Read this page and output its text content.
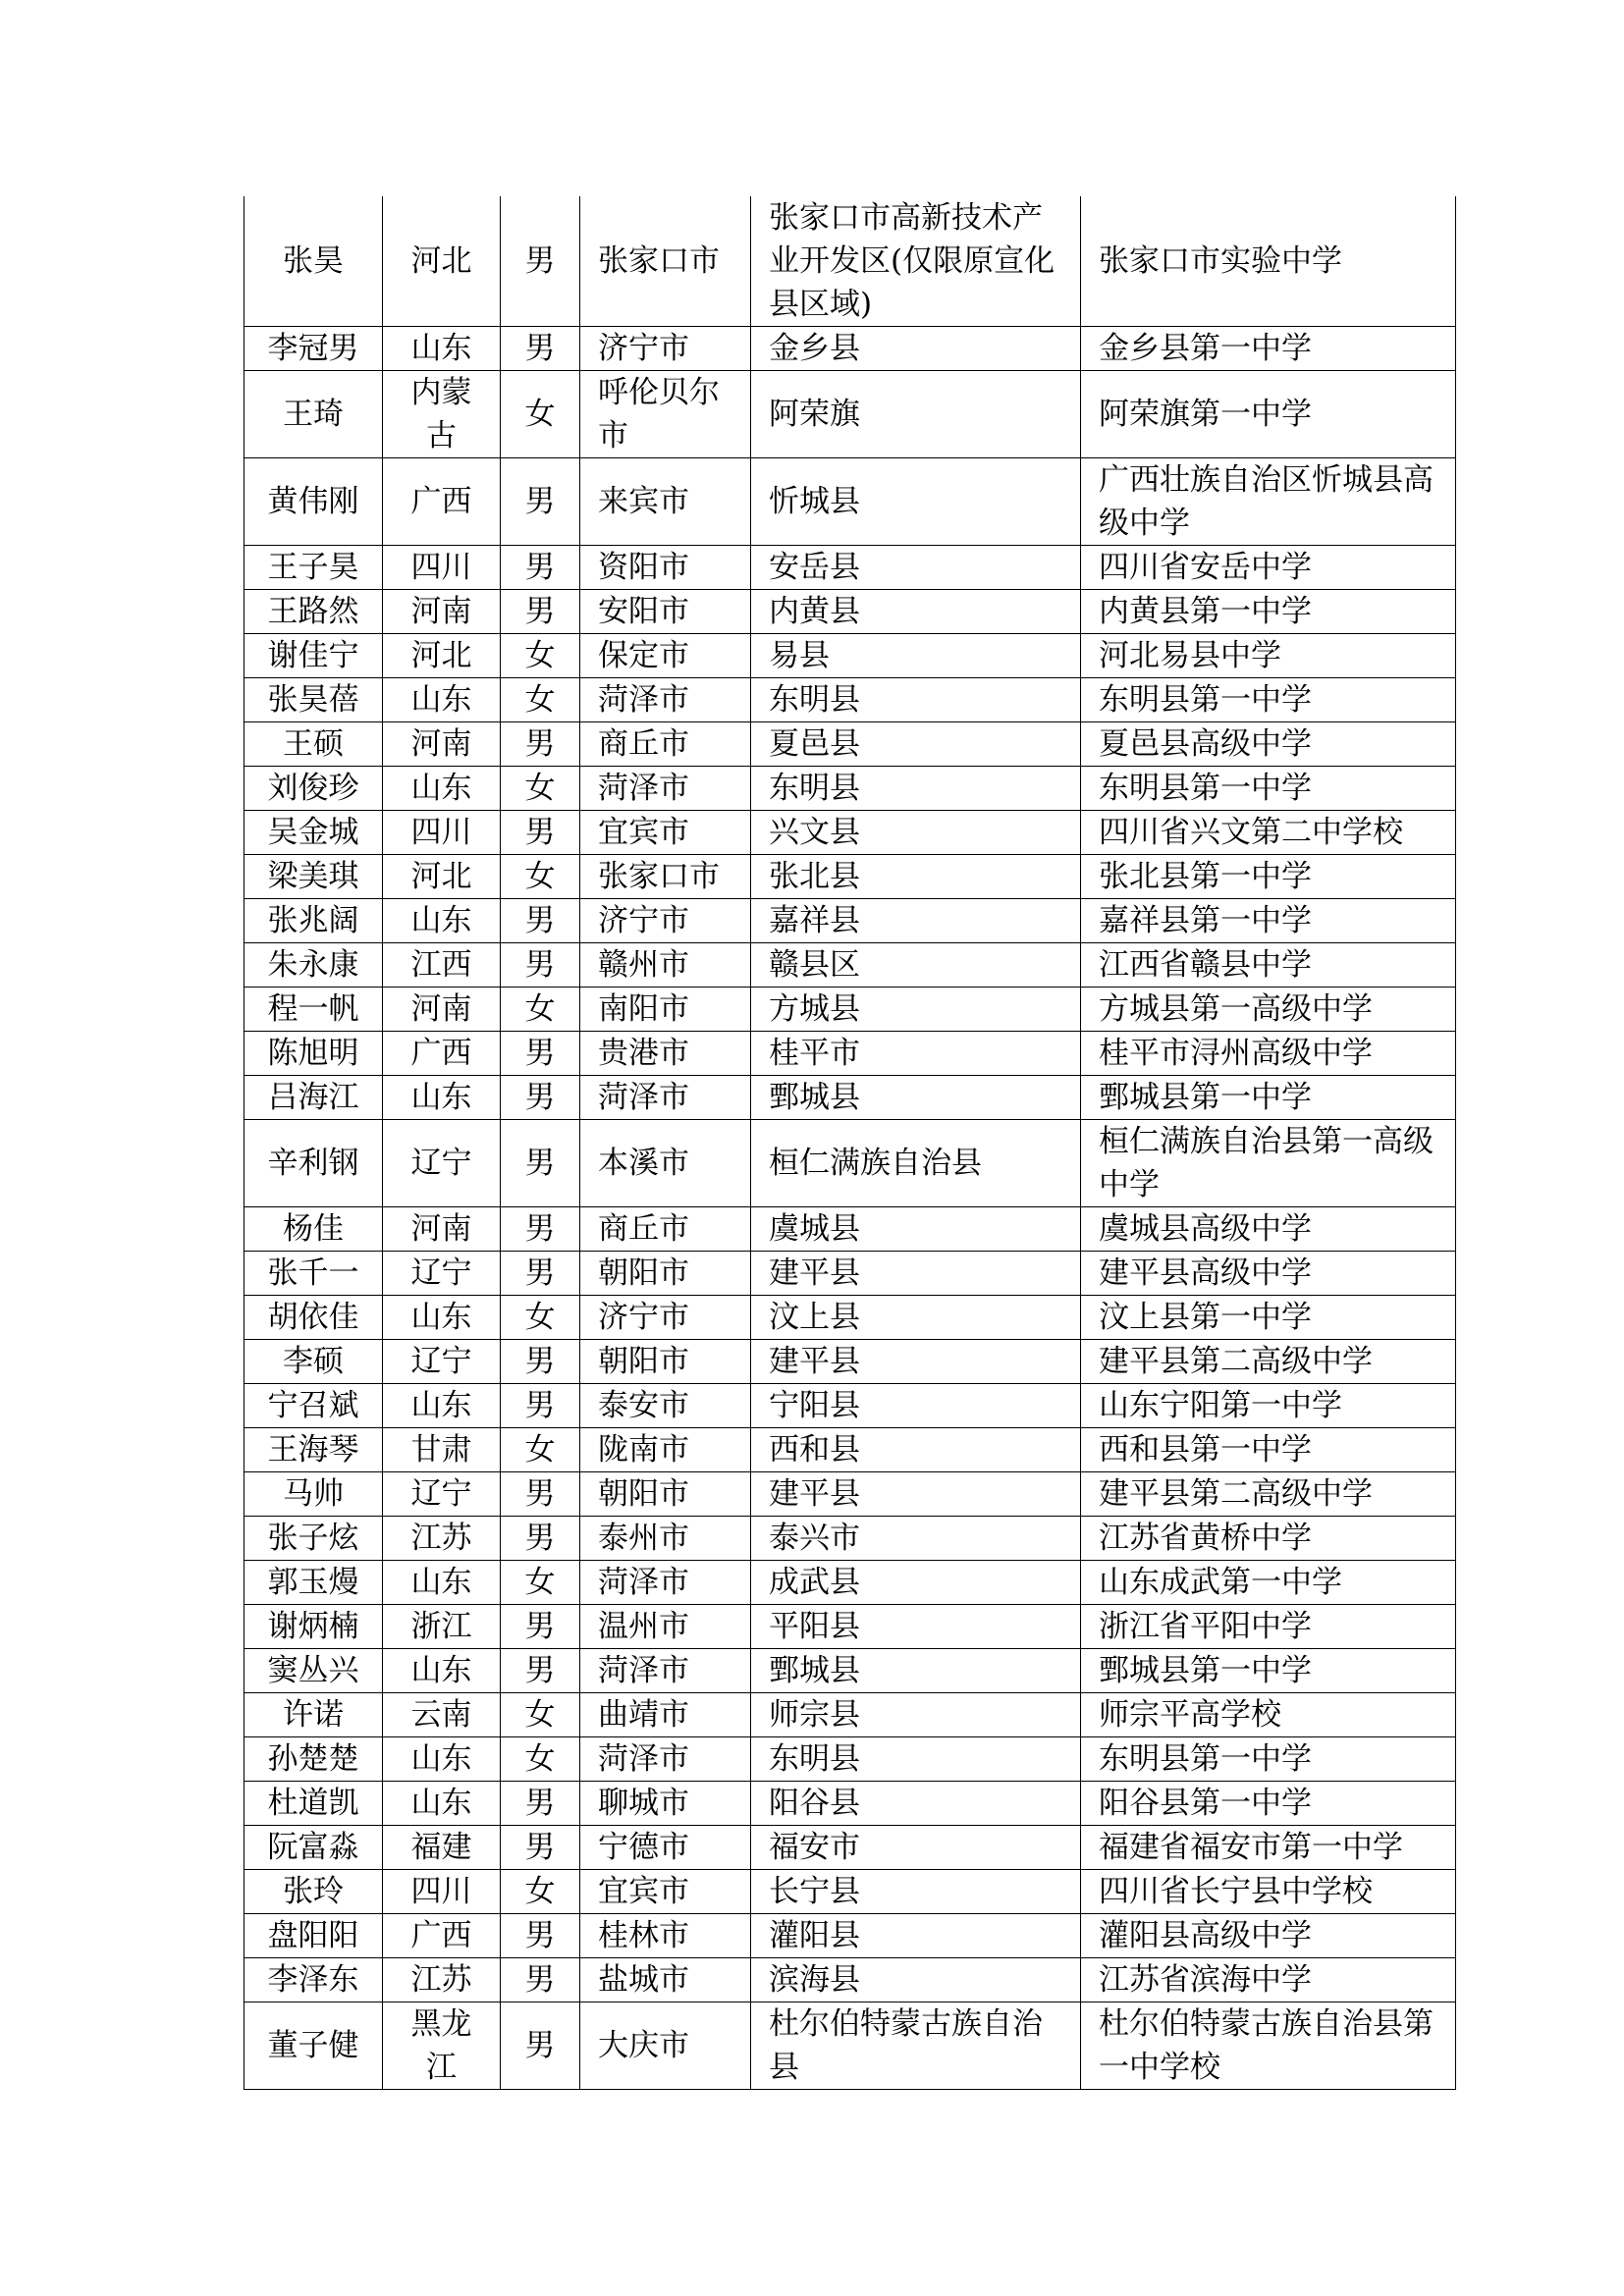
张昊	河北	男	张家口市	张家口市高新技术产业开发区(仅限原宣化县区域)	张家口市实验中学
李冠男	山东	男	济宁市	金乡县	金乡县第一中学
王琦	内蒙古	女	呼伦贝尔市	阿荣旗	阿荣旗第一中学
黄伟刚	广西	男	来宾市	忻城县	广西壮族自治区忻城县高级中学
王子昊	四川	男	资阳市	安岳县	四川省安岳中学
王路然	河南	男	安阳市	内黄县	内黄县第一中学
谢佳宁	河北	女	保定市	易县	河北易县中学
张昊蓓	山东	女	菏泽市	东明县	东明县第一中学
王硕	河南	男	商丘市	夏邑县	夏邑县高级中学
刘俊珍	山东	女	菏泽市	东明县	东明县第一中学
吴金城	四川	男	宜宾市	兴文县	四川省兴文第二中学校
梁美琪	河北	女	张家口市	张北县	张北县第一中学
张兆阔	山东	男	济宁市	嘉祥县	嘉祥县第一中学
朱永康	江西	男	赣州市	赣县区	江西省赣县中学
程一帆	河南	女	南阳市	方城县	方城县第一高级中学
陈旭明	广西	男	贵港市	桂平市	桂平市浔州高级中学
吕海江	山东	男	菏泽市	鄄城县	鄄城县第一中学
辛利钢	辽宁	男	本溪市	桓仁满族自治县	桓仁满族自治县第一高级中学
杨佳	河南	男	商丘市	虞城县	虞城县高级中学
张千一	辽宁	男	朝阳市	建平县	建平县高级中学
胡依佳	山东	女	济宁市	汶上县	汶上县第一中学
李硕	辽宁	男	朝阳市	建平县	建平县第二高级中学
宁召斌	山东	男	泰安市	宁阳县	山东宁阳第一中学
王海琴	甘肃	女	陇南市	西和县	西和县第一中学
马帅	辽宁	男	朝阳市	建平县	建平县第二高级中学
张子炫	江苏	男	泰州市	泰兴市	江苏省黄桥中学
郭玉熳	山东	女	菏泽市	成武县	山东成武第一中学
谢炳楠	浙江	男	温州市	平阳县	浙江省平阳中学
窦丛兴	山东	男	菏泽市	鄄城县	鄄城县第一中学
许诺	云南	女	曲靖市	师宗县	师宗平高学校
孙楚楚	山东	女	菏泽市	东明县	东明县第一中学
杜道凯	山东	男	聊城市	阳谷县	阳谷县第一中学
阮富淼	福建	男	宁德市	福安市	福建省福安市第一中学
张玲	四川	女	宜宾市	长宁县	四川省长宁县中学校
盘阳阳	广西	男	桂林市	灌阳县	灌阳县高级中学
李泽东	江苏	男	盐城市	滨海县	江苏省滨海中学
董子健	黑龙江	男	大庆市	杜尔伯特蒙古族自治县	杜尔伯特蒙古族自治县第一中学校
